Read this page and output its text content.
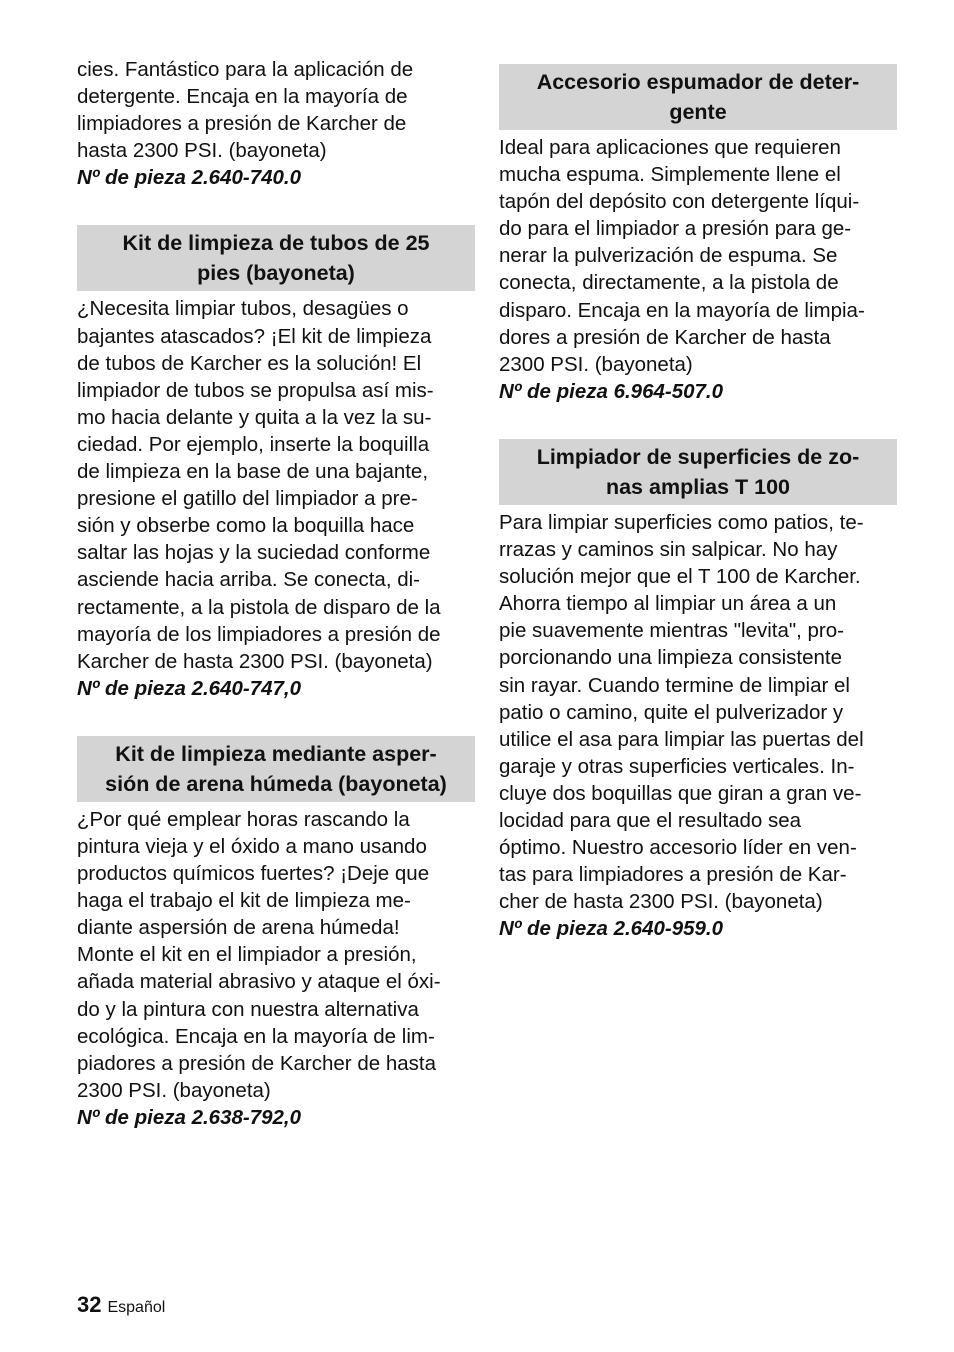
cies. Fantástico para la aplicación de
detergente. Encaja en la mayoría de
limpiadores a presión de Karcher de
hasta 2300 PSI. (bayoneta)

Nº de pieza 2.640-740.0

Kit de limpieza de tubos de 25
pies (bayoneta)

¿Necesita limpiar tubos, desagües o
bajantes atascados? ¡El kit de limpieza
de tubos de Karcher es la solución! El
limpiador de tubos se propulsa así mis-
mo hacia delante y quita a la vez la su-
ciedad. Por ejemplo, inserte la boquilla
de limpieza en la base de una bajante,
presione el gatillo del limpiador a pre-
sión y obserbe como la boquilla hace
saltar las hojas y la suciedad conforme
asciende hacia arriba. Se conecta, di-
rectamente, a la pistola de disparo de la
mayoría de los limpiadores a presión de
Karcher de hasta 2300 PSI. (bayoneta)

Nº de pieza 2.640-747,0

Kit de limpieza mediante asper-
sión de arena húmeda (bayoneta)

¿Por qué emplear horas rascando la
pintura vieja y el óxido a mano usando
productos químicos fuertes? ¡Deje que
haga el trabajo el kit de limpieza me-
diante aspersión de arena húmeda!
Monte el kit en el limpiador a presión,
añada material abrasivo y ataque el óxi-
do y la pintura con nuestra alternativa
ecológica. Encaja en la mayoría de lim-
piadores a presión de Karcher de hasta
2300 PSI. (bayoneta)

Nº de pieza 2.638-792,0

Accesorio espumador de deter-
gente

Ideal para aplicaciones que requieren
mucha espuma. Simplemente llene el
tapón del depósito con detergente líqui-
do para el limpiador a presión para ge-
nerar la pulverización de espuma. Se
conecta, directamente, a la pistola de
disparo. Encaja en la mayoría de limpia-
dores a presión de Karcher de hasta
2300 PSI. (bayoneta)

Nº de pieza 6.964-507.0

Limpiador de superficies de zo-
nas amplias T 100

Para limpiar superficies como patios, te-
rrazas y caminos sin salpicar. No hay
solución mejor que el T 100 de Karcher.
Ahorra tiempo al limpiar un área a un
pie suavemente mientras "levita", pro-
porcionando una limpieza consistente
sin rayar. Cuando termine de limpiar el
patio o camino, quite el pulverizador y
utilice el asa para limpiar las puertas del
garaje y otras superficies verticales. In-
cluye dos boquillas que giran a gran ve-
locidad para que el resultado sea
óptimo. Nuestro accesorio líder en ven-
tas para limpiadores a presión de Kar-
cher de hasta 2300 PSI. (bayoneta)

Nº de pieza 2.640-959.0

32 Español
